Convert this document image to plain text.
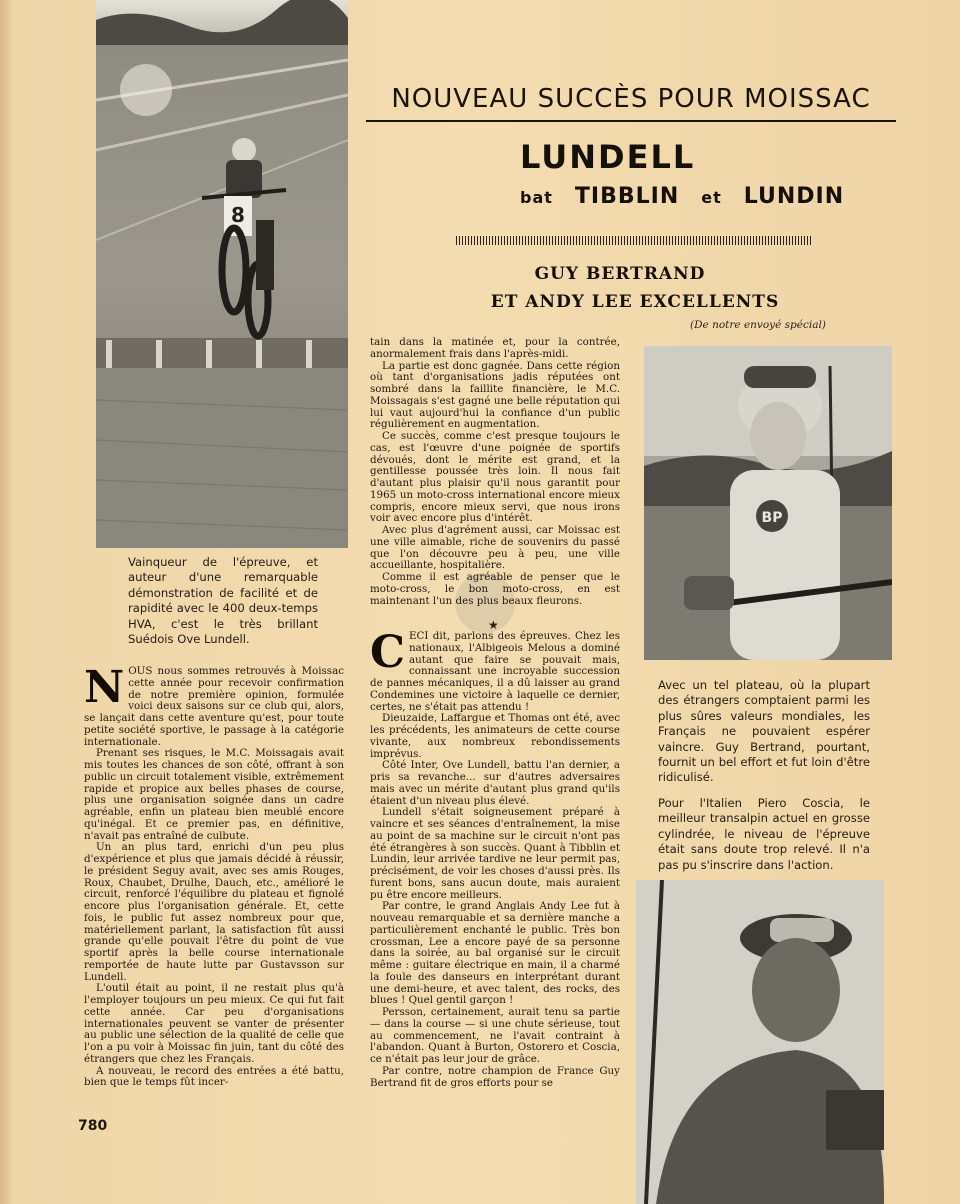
8
Vainqueur de l'épreuve, et auteur d'une remarquable démonstration de facilité et de rapidité avec le 400 deux-temps HVA, c'est le très brillant Suédois Ove Lundell.
NOUVEAU SUCCÈS POUR MOISSAC
LUNDELL
bat TIBBLIN et LUNDIN
GUY BERTRAND
ET ANDY LEE EXCELLENTS
(De notre envoyé spécial)
BP
Avec un tel plateau, où la plupart des étrangers comptaient parmi les plus sûres valeurs mondiales, les Français ne pouvaient espérer vaincre. Guy Bertrand, pourtant, fournit un bel effort et fut loin d'être ridiculisé.
Pour l'Italien Piero Coscia, le meilleur transalpin actuel en grosse cylindrée, le niveau de l'épreuve était sans doute trop relevé. Il n'a pas pu s'inscrire dans l'action.

tain dans la matinée et, pour la contrée, anormalement frais dans l'après-midi.

La partie est donc gagnée. Dans cette région où tant d'organisations jadis réputées ont sombré dans la faillite financière, le M.C. Moissagais s'est gagné une belle réputation qui lui vaut aujourd'hui la confiance d'un public régulièrement en augmentation.

Ce succès, comme c'est presque toujours le cas, est l'œuvre d'une poignée de sportifs dévoués, dont le mérite est grand, et la gentillesse poussée très loin. Il nous fait d'autant plus plaisir qu'il nous garantit pour 1965 un moto-cross international encore mieux compris, encore mieux servi, que nous irons voir avec encore plus d'intérêt.

Avec plus d'agrément aussi, car Moissac est une ville aimable, riche de souvenirs du passé que l'on découvre peu à peu, une ville accueillante, hospitalière.

Comme il est agréable de penser que le moto-cross, le bon moto-cross, en est maintenant l'un des plus beaux fleurons.

★

CECI dit, parlons des épreuves. Chez les nationaux, l'Albigeois Melous a dominé autant que faire se pouvait mais, connaissant une incroyable succession de pannes mécaniques, il a dû laisser au grand Condemines une victoire à laquelle ce dernier, certes, ne s'était pas attendu !

Dieuzaide, Laffargue et Thomas ont été, avec les précédents, les animateurs de cette course vivante, aux nombreux rebondissements imprévus.

Côté Inter, Ove Lundell, battu l'an dernier, a pris sa revanche... sur d'autres adversaires mais avec un mérite d'autant plus grand qu'ils étaient d'un niveau plus élevé.

Lundell s'était soigneusement préparé à vaincre et ses séances d'entraînement, la mise au point de sa machine sur le circuit n'ont pas été étrangères à son succès. Quant à Tibblin et Lundin, leur arrivée tardive ne leur permit pas, précisément, de voir les choses d'aussi près. Ils furent bons, sans aucun doute, mais auraient pu être encore meilleurs.

Par contre, le grand Anglais Andy Lee fut à nouveau remarquable et sa dernière manche a particulièrement enchanté le public. Très bon crossman, Lee a encore payé de sa personne dans la soirée, au bal organisé sur le circuit même : guitare électrique en main, il a charmé la foule des danseurs en interprétant durant une demi-heure, et avec talent, des rocks, des blues ! Quel gentil garçon !

Persson, certainement, aurait tenu sa partie — dans la course — si une chute sérieuse, tout au commencement, ne l'avait contraint à l'abandon. Quant à Burton, Ostorero et Coscia, ce n'était pas leur jour de grâce.

Par contre, notre champion de France Guy Bertrand fit de gros efforts pour se

NOUS nous sommes retrouvés à Moissac cette année pour recevoir confirmation de notre première opinion, formulée voici deux saisons sur ce club qui, alors, se lançait dans cette aventure qu'est, pour toute petite société sportive, le passage à la catégorie internationale.

Prenant ses risques, le M.C. Moissagais avait mis toutes les chances de son côté, offrant à son public un circuit totalement visible, extrêmement rapide et propice aux belles phases de course, plus une organisation soignée dans un cadre agréable, enfin un plateau bien meublé encore qu'inégal. Et ce premier pas, en définitive, n'avait pas entraîné de culbute.

Un an plus tard, enrichi d'un peu plus d'expérience et plus que jamais décidé à réussir, le président Seguy avait, avec ses amis Rouges, Roux, Chaubet, Drulhe, Dauch, etc., amélioré le circuit, renforcé l'équilibre du plateau et fignolé encore plus l'organisation générale. Et, cette fois, le public fut assez nombreux pour que, matériellement parlant, la satisfaction fût aussi grande qu'elle pouvait l'être du point de vue sportif après la belle course internationale remportée de haute lutte par Gustavsson sur Lundell.

L'outil était au point, il ne restait plus qu'à l'employer toujours un peu mieux. Ce qui fut fait cette année. Car peu d'organisations internationales peuvent se vanter de présenter au public une sélection de la qualité de celle que l'on a pu voir à Moissac fin juin, tant du côté des étrangers que chez les Français.

A nouveau, le record des entrées a été battu, bien que le temps fût incer-

780
